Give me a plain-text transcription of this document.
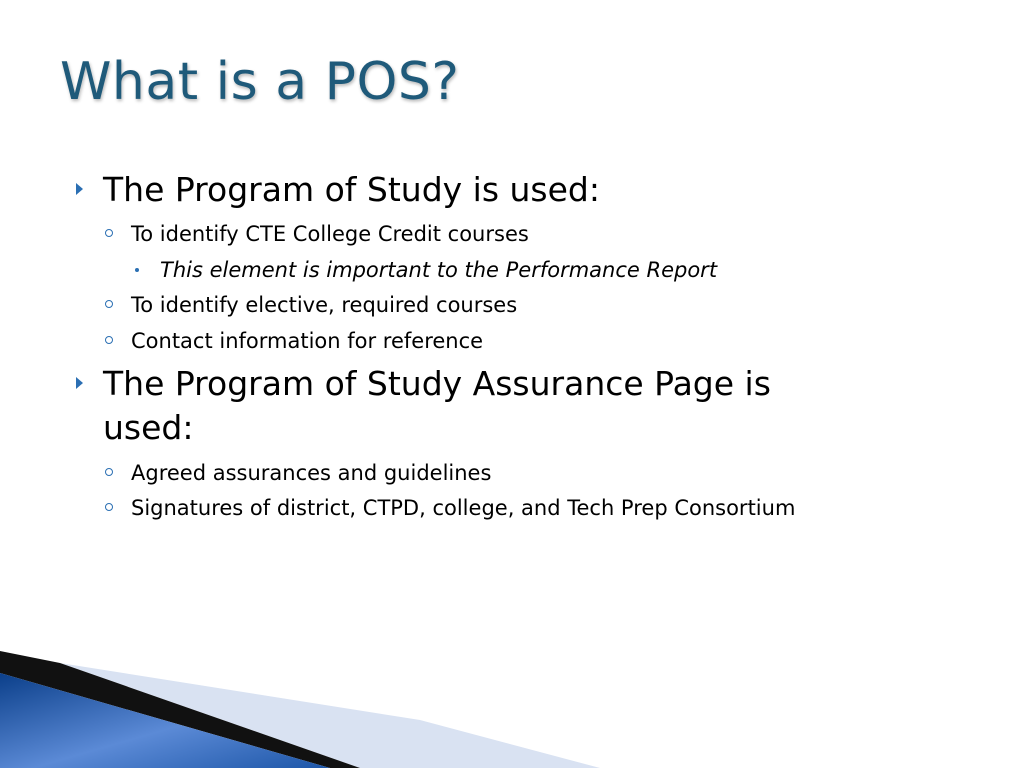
What is a POS?
The Program of Study is used:
To identify CTE College Credit courses
This element is important to the Performance Report
To identify elective, required courses
Contact information for reference
The Program of Study Assurance Page is
used:
Agreed assurances and guidelines
Signatures of district, CTPD, college, and Tech Prep Consortium
